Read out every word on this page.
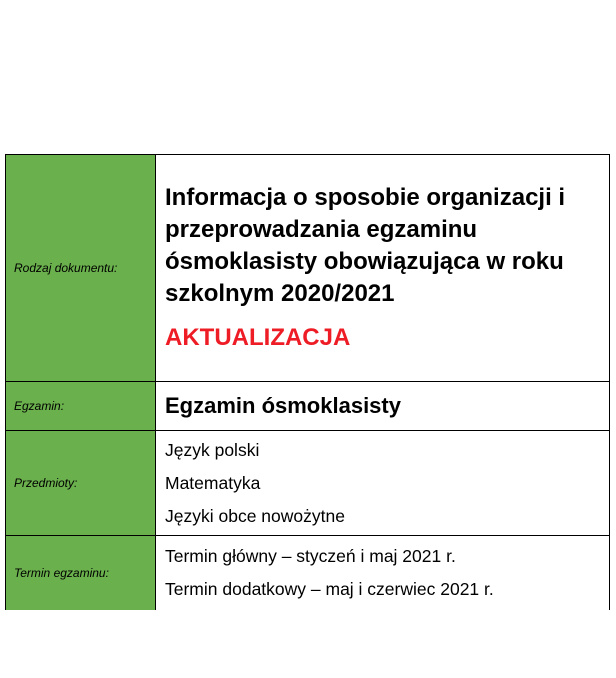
Rodzaj dokumentu:	Informacja o sposobie organizacji i przeprowadzania egzaminu ósmoklasisty obowiązująca w roku szkolnym 2020/2021

AKTUALIZACJA

Egzamin:	Egzamin ósmoklasisty
Przedmioty:	Język polski
Matematyka
Języki obce nowożytne

Termin egzaminu:	Termin główny – styczeń i maj 2021 r.
Termin dodatkowy – maj i czerwiec 2021 r.
